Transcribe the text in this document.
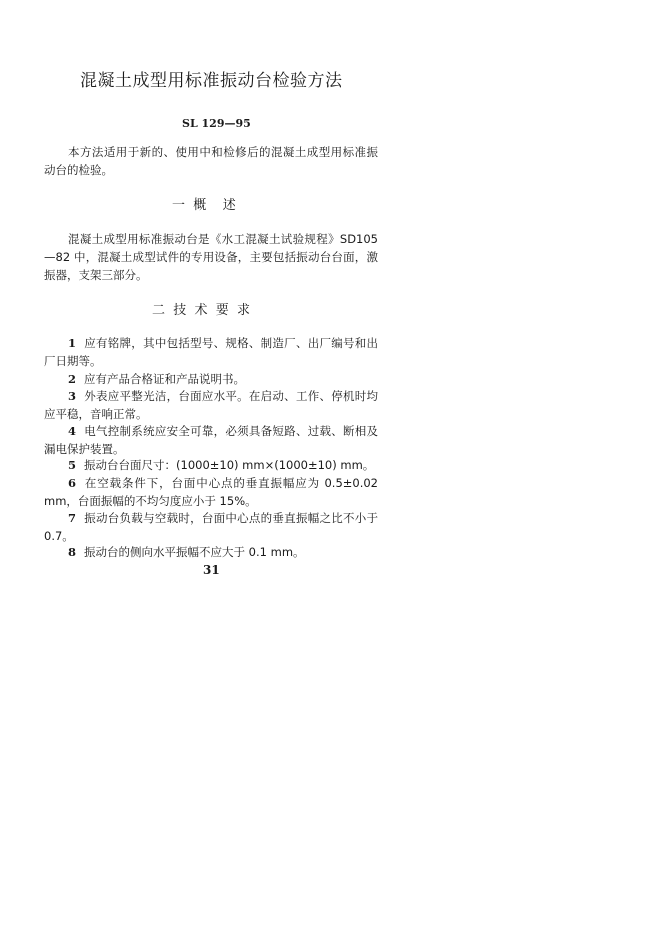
混凝土成型用标准振动台检验方法
SL 129—95
本方法适用于新的、使用中和检修后的混凝土成型用标准振动台的检验。
一  概    述
混凝土成型用标准振动台是《水工混凝土试验规程》SD105—82 中，混凝土成型试件的专用设备，主要包括振动台台面，激振器，支架三部分。
二  技  术  要  求
1 应有铭牌，其中包括型号、规格、制造厂、出厂编号和出厂日期等。
2 应有产品合格证和产品说明书。
3 外表应平整光洁，台面应水平。在启动、工作、停机时均应平稳，音响正常。
4 电气控制系统应安全可靠，必须具备短路、过载、断相及漏电保护装置。
5 振动台台面尺寸：(1000±10) mm×(1000±10) mm。
6 在空载条件下，台面中心点的垂直振幅应为 0.5±0.02 mm，台面振幅的不均匀度应小于 15%。
7 振动台负载与空载时，台面中心点的垂直振幅之比不小于 0.7。
8 振动台的侧向水平振幅不应大于 0.1 mm。
31
